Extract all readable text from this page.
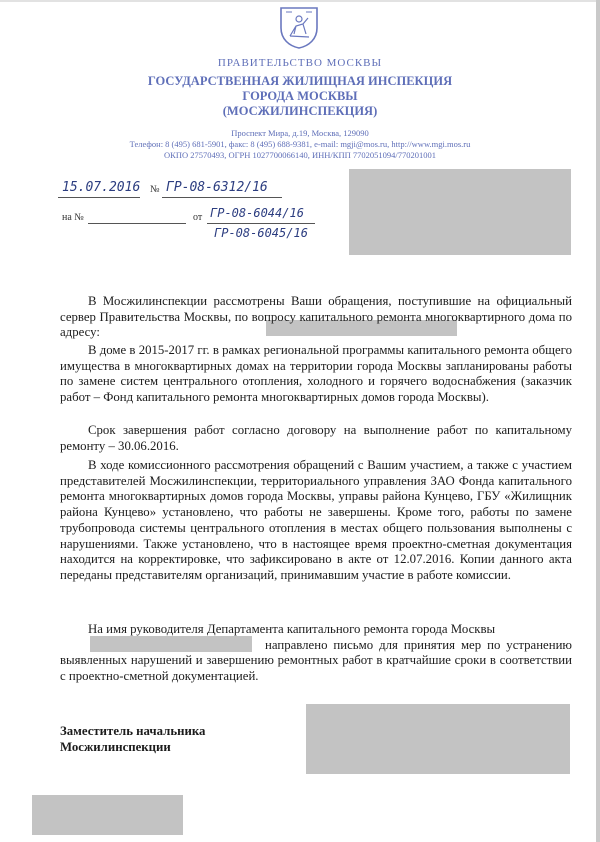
ПРАВИТЕЛЬСТВО МОСКВЫ
ГОСУДАРСТВЕННАЯ ЖИЛИЩНАЯ ИНСПЕКЦИЯ
ГОРОДА МОСКВЫ
(МОСЖИЛИНСПЕКЦИЯ)
Проспект Мира, д.19, Москва, 129090
Телефон: 8 (495) 681-5901, факс: 8 (495) 688-9381, e-mail: mgji@mos.ru, http://www.mgi.mos.ru
ОКПО 27570493, ОГРН 1027700066140, ИНН/КПП 7702051094/770201001
15.07.2016 № ГР-08-6312/16
на №	от ГР-08-6044/16
ГР-08-6045/16

В Мосжилинспекции рассмотрены Ваши обращения, поступившие на официальный сервер Правительства Москвы, по вопросу капитального ремонта многоквартирного дома по адресу:

В доме в 2015-2017 гг. в рамках региональной программы капитального ремонта общего имущества в многоквартирных домах на территории города Москвы запланированы работы по замене систем центрального отопления, холодного и горячего водоснабжения (заказчик работ – Фонд капитального ремонта многоквартирных домов города Москвы).

Срок завершения работ согласно договору на выполнение работ по капитальному ремонту – 30.06.2016.

В ходе комиссионного рассмотрения обращений с Вашим участием, а также с участием представителей Мосжилинспекции, территориального управления ЗАО Фонда капитального ремонта многоквартирных домов города Москвы, управы района Кунцево, ГБУ «Жилищник района Кунцево» установлено, что работы не завершены. Кроме того, работы по замене трубопровода системы центрального отопления в местах общего пользования выполнены с нарушениями. Также установлено, что в настоящее время проектно-сметная документация находится на корректировке, что зафиксировано в акте от 12.07.2016. Копии данного акта переданы представителям организаций, принимавшим участие в работе комиссии.

На имя руководителя Департамента капитального ремонта города Москвы

направлено письмо для принятия мер по устранению выявленных нарушений и завершению ремонтных работ в кратчайшие сроки в соответствии с проектно-сметной документацией.

Заместитель начальника
Мосжилинспекции
